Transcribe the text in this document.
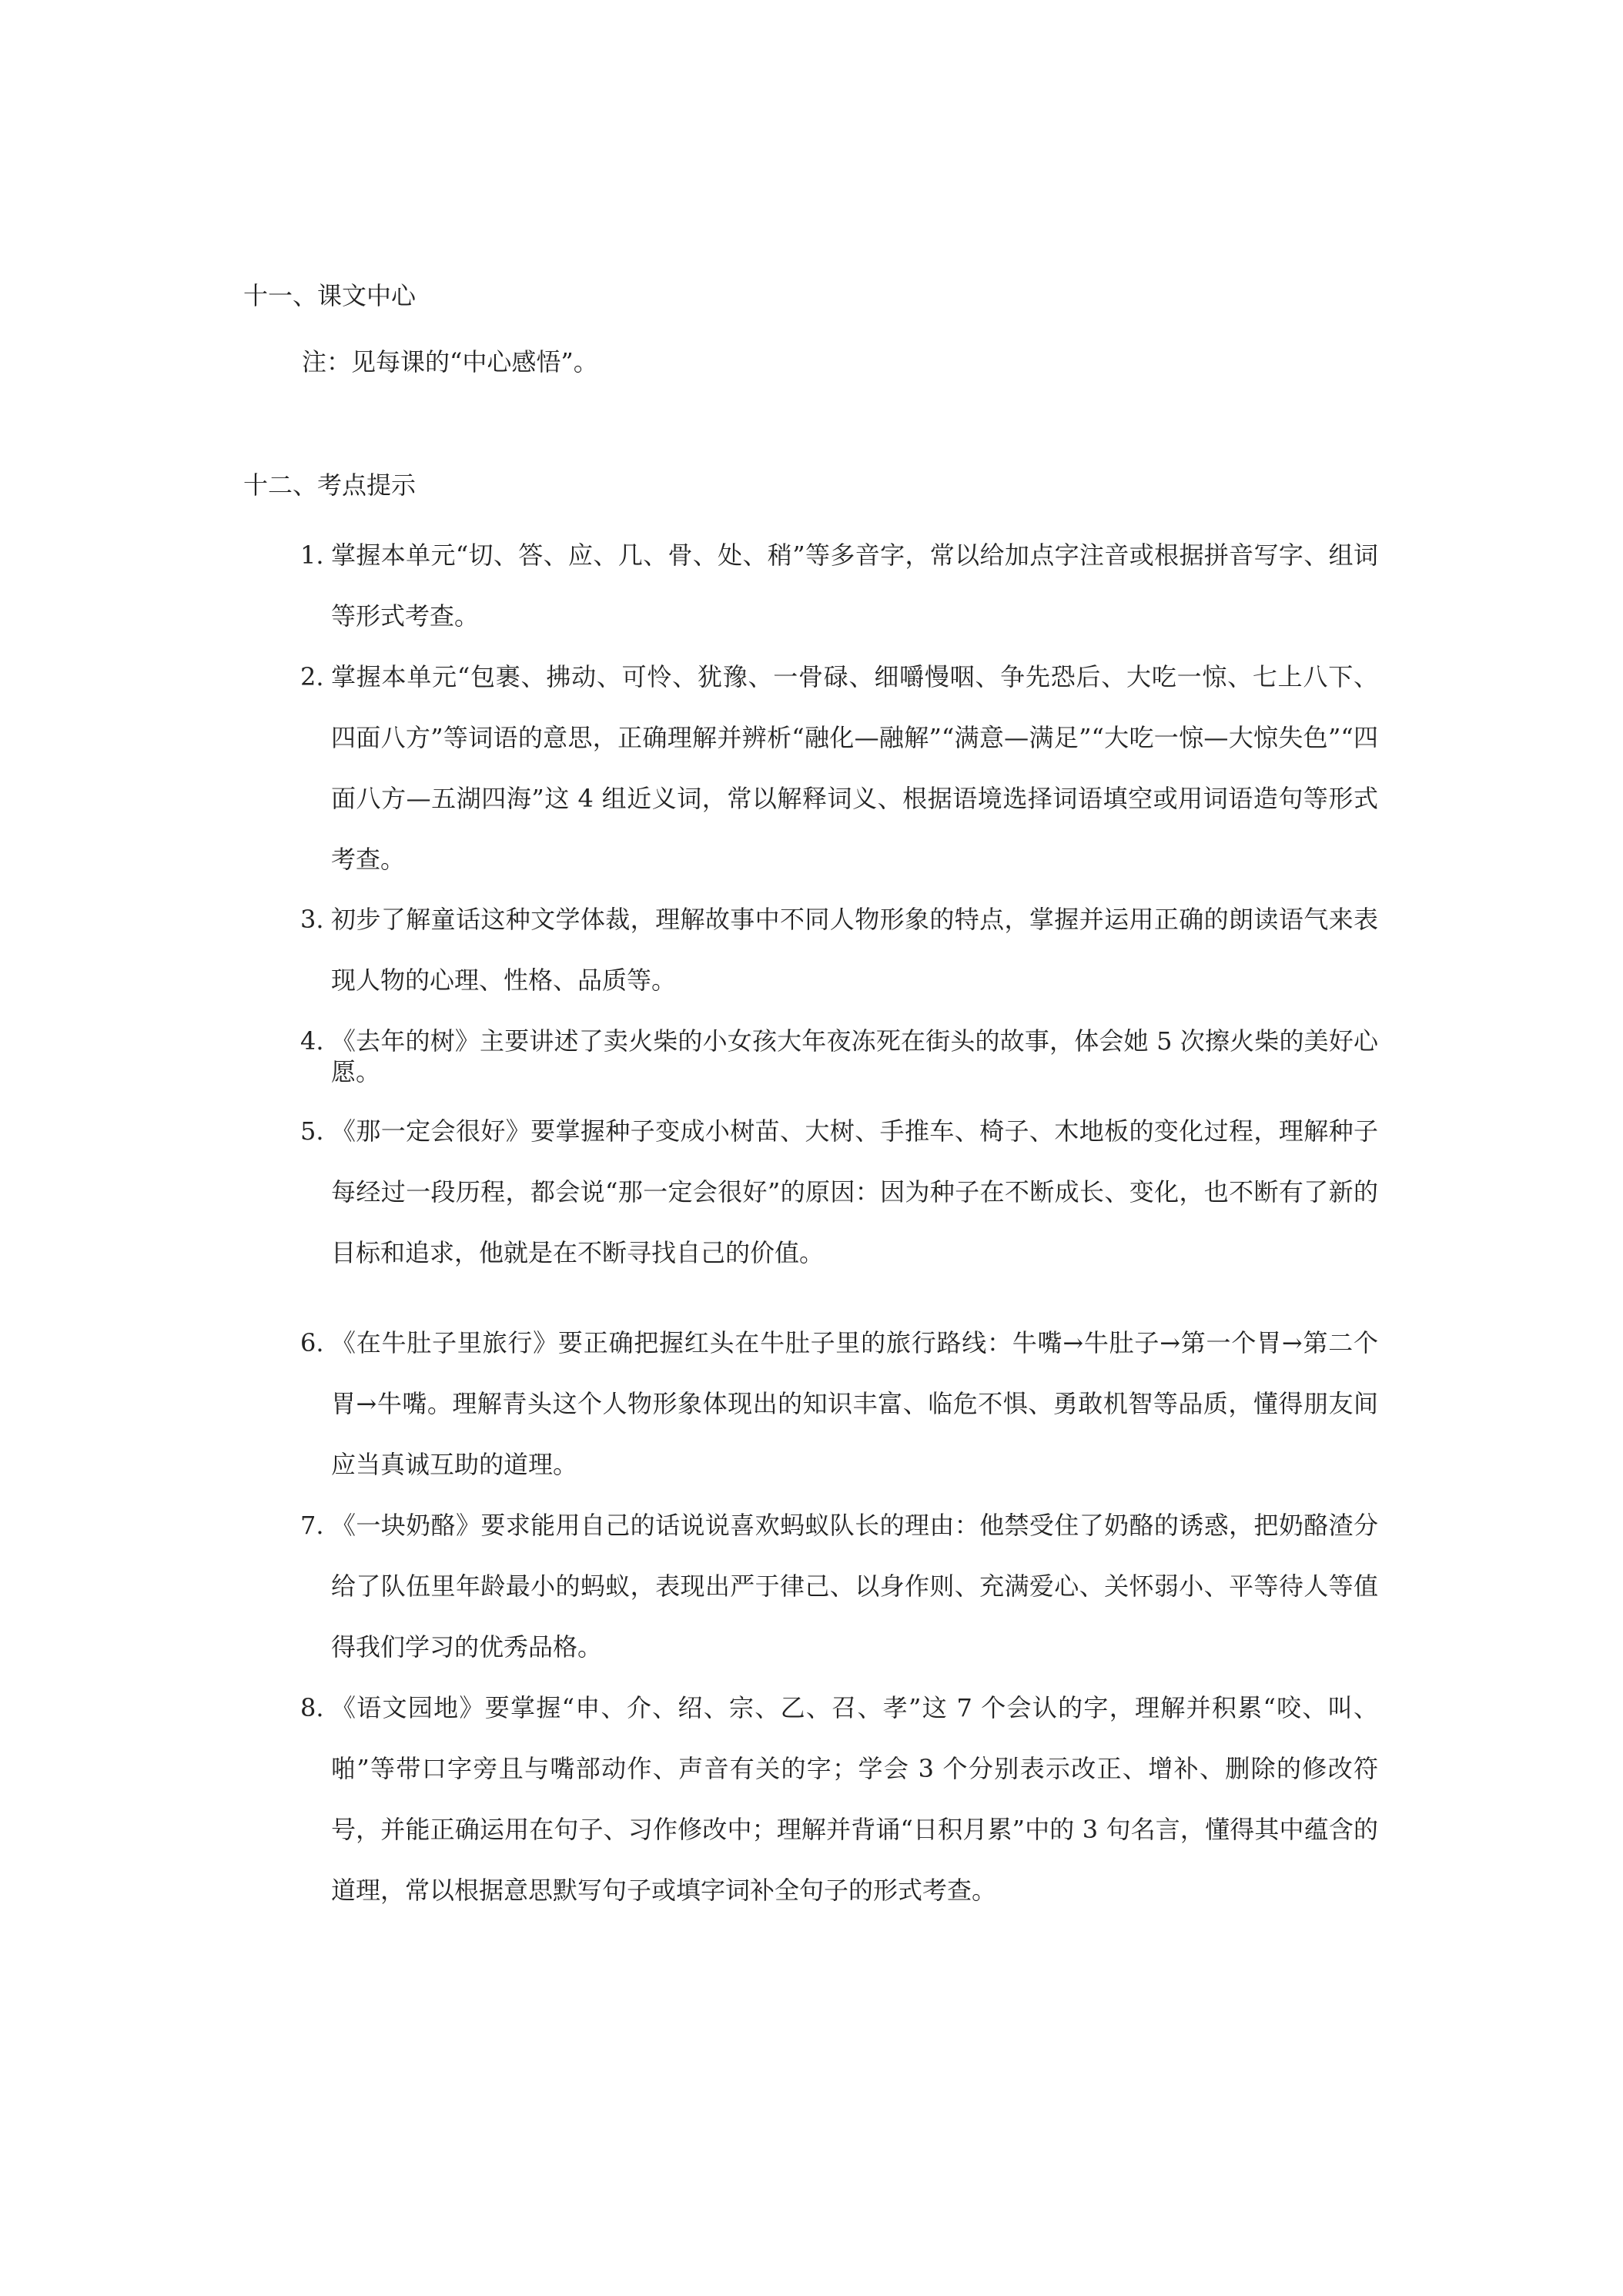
十一、课文中心
注：见每课的“中心感悟”。
十二、考点提示
1. 掌握本单元“切、答、应、几、骨、处、稍”等多音字，常以给加点字注音或根据拼音写字、组词等形式考查。
2. 掌握本单元“包裹、拂动、可怜、犹豫、一骨碌、细嚼慢咽、争先恐后、大吃一惊、七上八下、四面八方”等词语的意思，正确理解并辨析“融化—融解”“满意—满足”“大吃一惊—大惊失色”“四面八方—五湖四海”这 4 组近义词，常以解释词义、根据语境选择词语填空或用词语造句等形式考查。
3. 初步了解童话这种文学体裁，理解故事中不同人物形象的特点，掌握并运用正确的朗读语气来表现人物的心理、性格、品质等。
4. 《去年的树》主要讲述了卖火柴的小女孩大年夜冻死在街头的故事，体会她 5 次擦火柴的美好心愿。
5. 《那一定会很好》要掌握种子变成小树苗、大树、手推车、椅子、木地板的变化过程，理解种子每经过一段历程，都会说“那一定会很好”的原因：因为种子在不断成长、变化，也不断有了新的目标和追求，他就是在不断寻找自己的价值。
6. 《在牛肚子里旅行》要正确把握红头在牛肚子里的旅行路线：牛嘴→牛肚子→第一个胃→第二个胃→牛嘴。理解青头这个人物形象体现出的知识丰富、临危不惧、勇敢机智等品质，懂得朋友间应当真诚互助的道理。
7. 《一块奶酪》要求能用自己的话说说喜欢蚂蚁队长的理由：他禁受住了奶酪的诱惑，把奶酪渣分给了队伍里年龄最小的蚂蚁，表现出严于律己、以身作则、充满爱心、关怀弱小、平等待人等值得我们学习的优秀品格。
8. 《语文园地》要掌握“申、介、绍、宗、乙、召、孝”这 7 个会认的字，理解并积累“咬、叫、啪”等带口字旁且与嘴部动作、声音有关的字；学会 3 个分别表示改正、增补、删除的修改符号，并能正确运用在句子、习作修改中；理解并背诵“日积月累”中的 3 句名言，懂得其中蕴含的道理，常以根据意思默写句子或填字词补全句子的形式考查。
